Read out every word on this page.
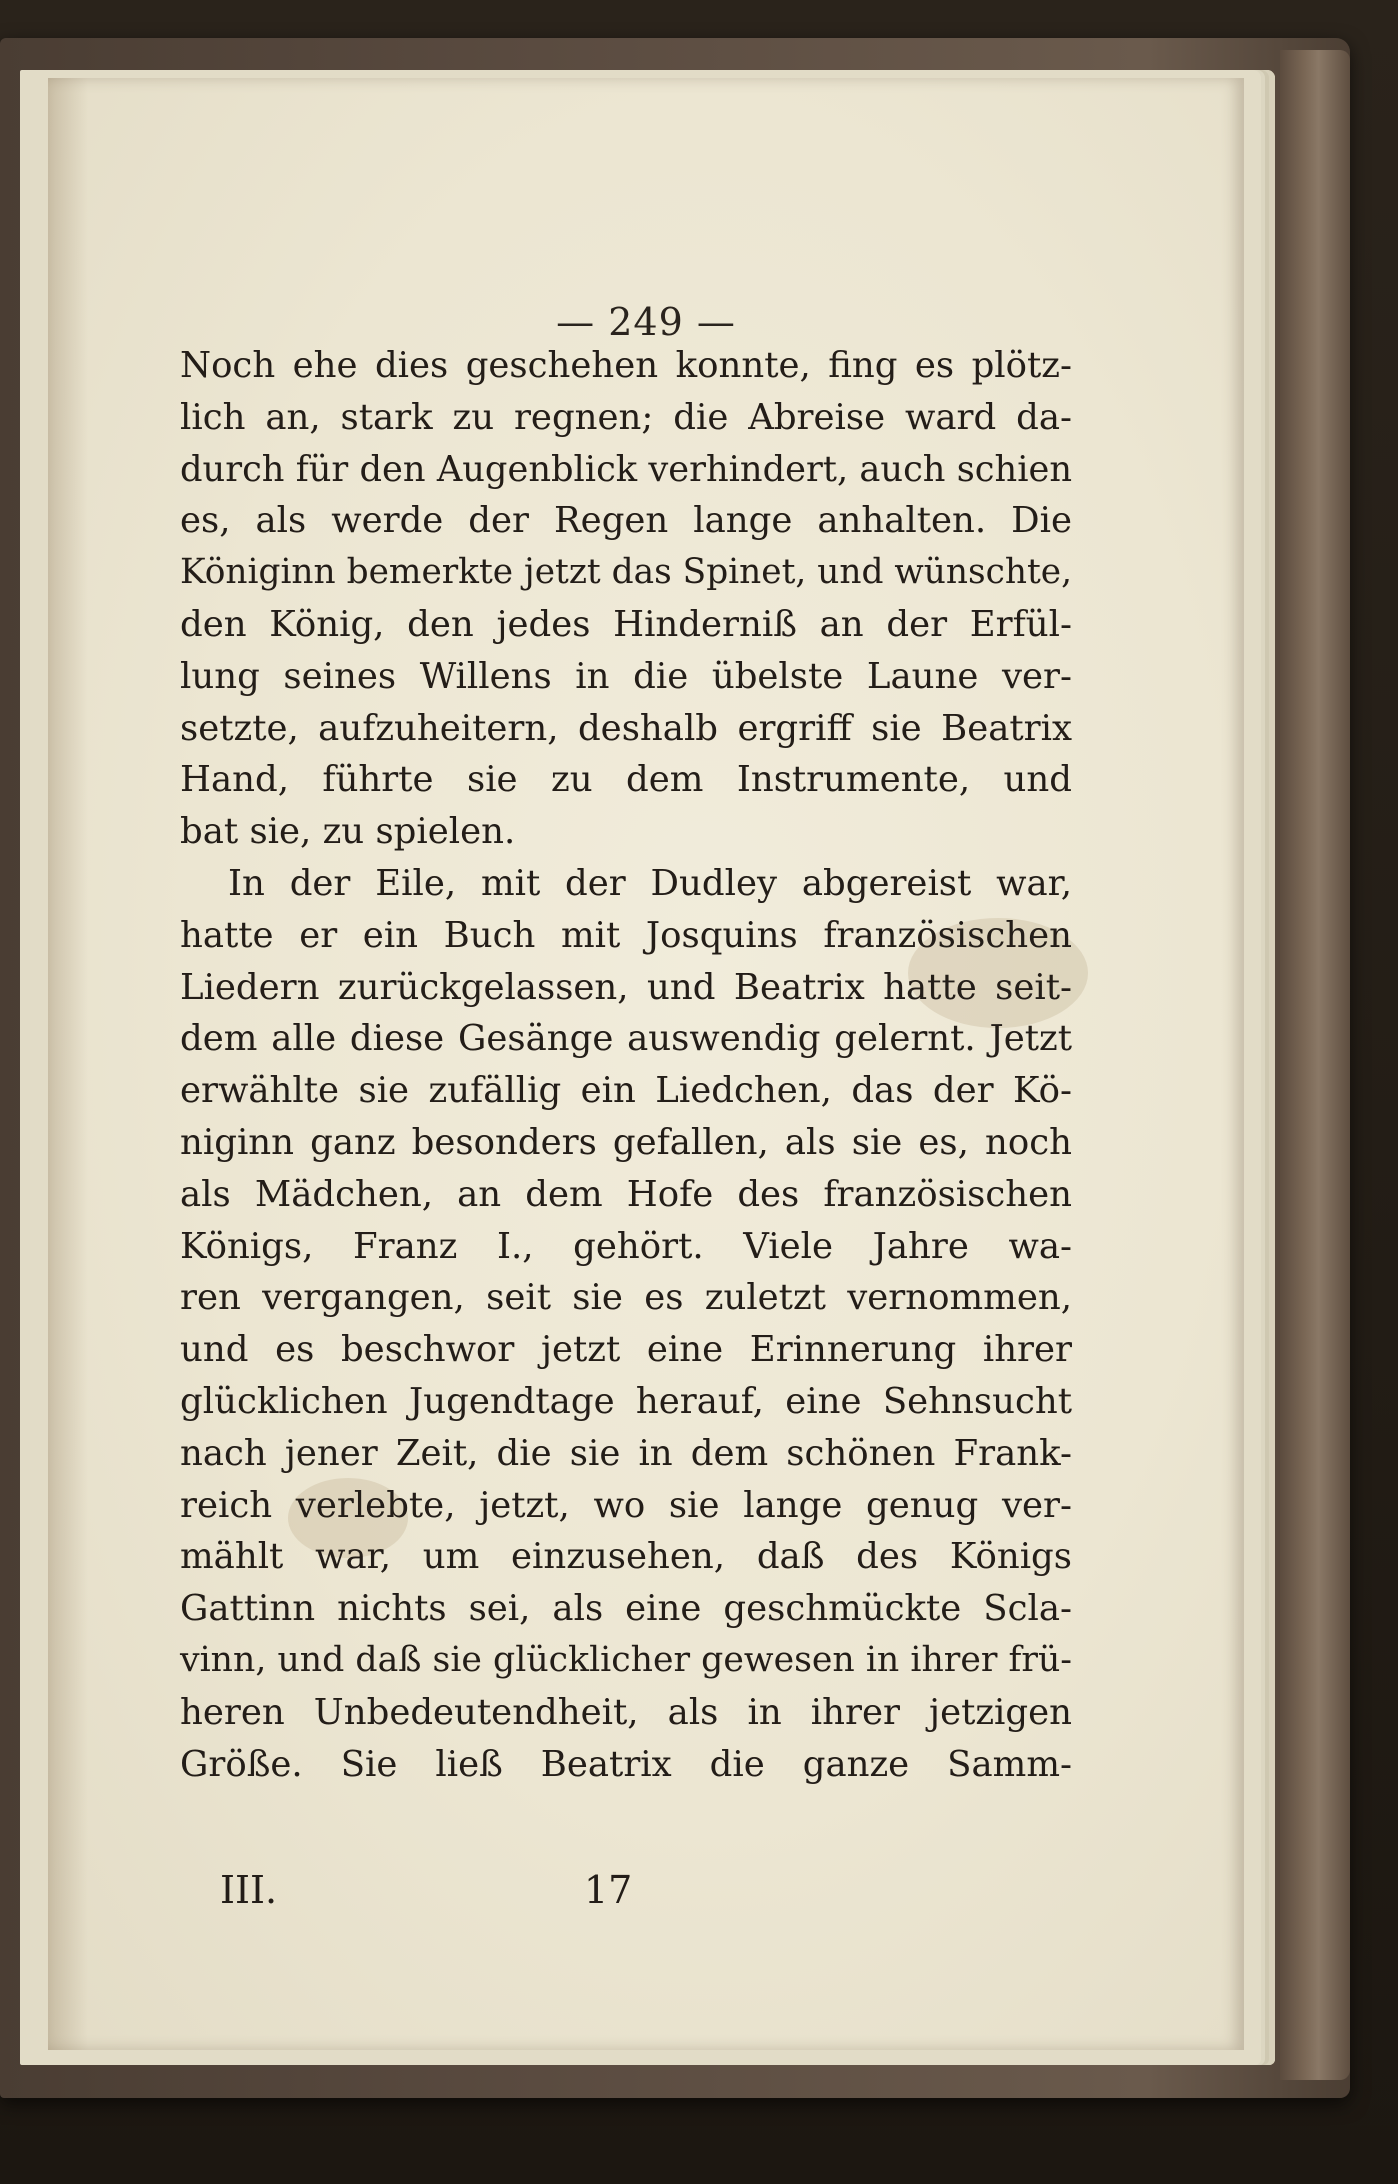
— 249 —
Noch ehe dies geschehen konnte, fing es plötz-
lich an, stark zu regnen; die Abreise ward da-
durch für den Augenblick verhindert, auch schien
es, als werde der Regen lange anhalten. Die
Königinn bemerkte jetzt das Spinet, und wünschte,
den König, den jedes Hinderniß an der Erfül-
lung seines Willens in die übelste Laune ver-
setzte, aufzuheitern, deshalb ergriff sie Beatrix
Hand, führte sie zu dem Instrumente, und
bat sie, zu spielen.
In der Eile, mit der Dudley abgereist war,
hatte er ein Buch mit Josquins französischen
Liedern zurückgelassen, und Beatrix hatte seit-
dem alle diese Gesänge auswendig gelernt. Jetzt
erwählte sie zufällig ein Liedchen, das der Kö-
niginn ganz besonders gefallen, als sie es, noch
als Mädchen, an dem Hofe des französischen
Königs, Franz I., gehört. Viele Jahre wa-
ren vergangen, seit sie es zuletzt vernommen,
und es beschwor jetzt eine Erinnerung ihrer
glücklichen Jugendtage herauf, eine Sehnsucht
nach jener Zeit, die sie in dem schönen Frank-
reich verlebte, jetzt, wo sie lange genug ver-
mählt war, um einzusehen, daß des Königs
Gattinn nichts sei, als eine geschmückte Scla-
vinn, und daß sie glücklicher gewesen in ihrer frü-
heren Unbedeutendheit, als in ihrer jetzigen
Größe. Sie ließ Beatrix die ganze Samm-
III.	17
